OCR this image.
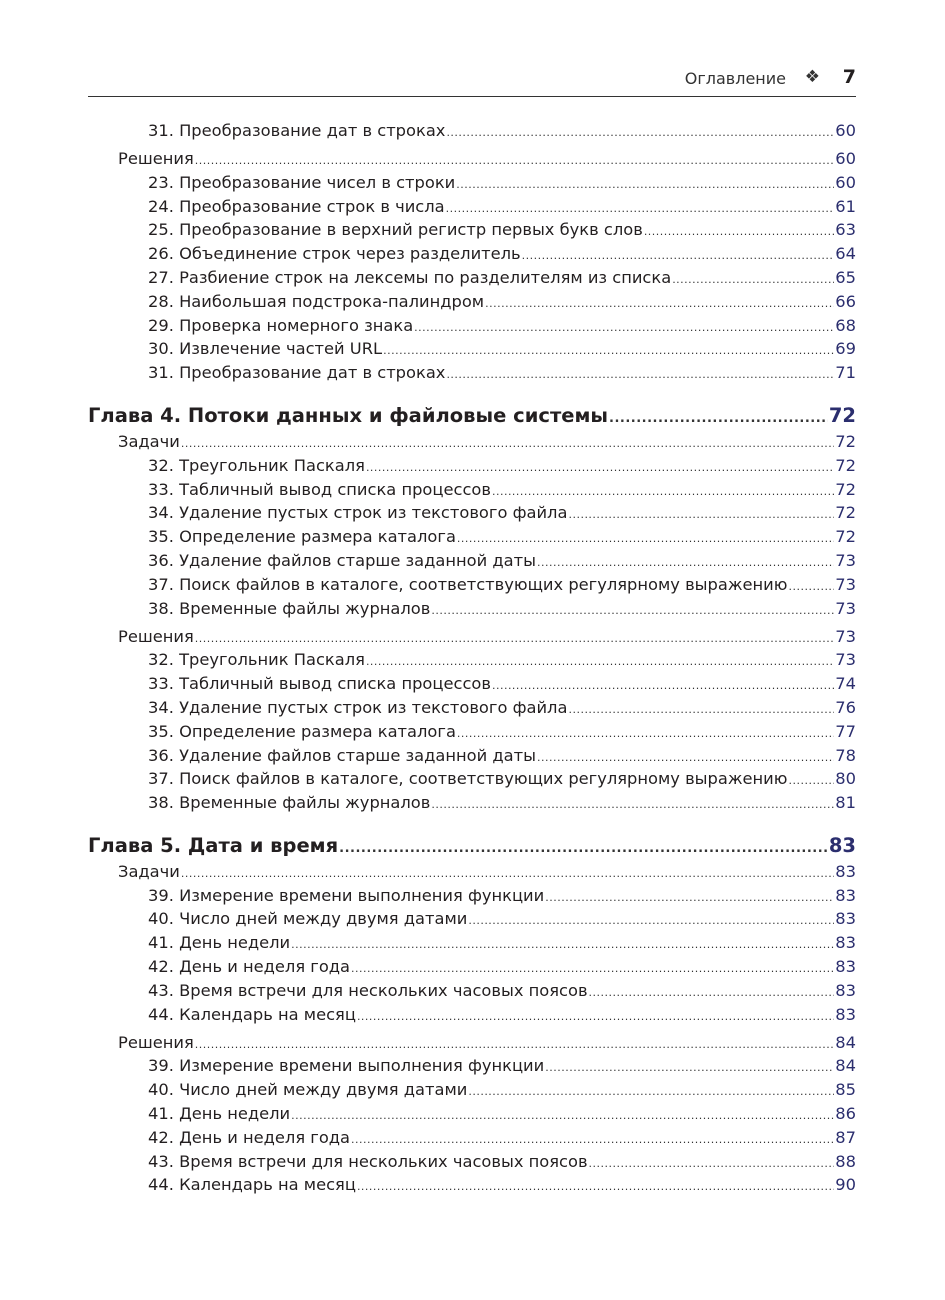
Оглавление ❖ 7
31. Преобразование дат в строках .....	60
Решения .....	60
23. Преобразование чисел в строки .....	60
24. Преобразование строк в числа .....	61
25. Преобразование в верхний регистр первых букв слов .....	63
26. Объединение строк через разделитель .....	64
27. Разбиение строк на лексемы по разделителям из списка .....	65
28. Наибольшая подстрока-палиндром .....	66
29. Проверка номерного знака .....	68
30. Извлечение частей URL .....	69
31. Преобразование дат в строках .....	71
Глава 4. Потоки данных и файловые системы .....	72
Задачи .....	72
32. Треугольник Паскаля .....	72
33. Табличный вывод списка процессов .....	72
34. Удаление пустых строк из текстового файла .....	72
35. Определение размера каталога .....	72
36. Удаление файлов старше заданной даты .....	73
37. Поиск файлов в каталоге, соответствующих регулярному выражению .....	73
38. Временные файлы журналов .....	73
Решения .....	73
32. Треугольник Паскаля .....	73
33. Табличный вывод списка процессов .....	74
34. Удаление пустых строк из текстового файла .....	76
35. Определение размера каталога .....	77
36. Удаление файлов старше заданной даты .....	78
37. Поиск файлов в каталоге, соответствующих регулярному выражению .....	80
38. Временные файлы журналов .....	81
Глава 5. Дата и время .....	83
Задачи .....	83
39. Измерение времени выполнения функции .....	83
40. Число дней между двумя датами .....	83
41. День недели .....	83
42. День и неделя года .....	83
43. Время встречи для нескольких часовых поясов .....	83
44. Календарь на месяц .....	83
Решения .....	84
39. Измерение времени выполнения функции .....	84
40. Число дней между двумя датами .....	85
41. День недели .....	86
42. День и неделя года .....	87
43. Время встречи для нескольких часовых поясов .....	88
44. Календарь на месяц .....	90
